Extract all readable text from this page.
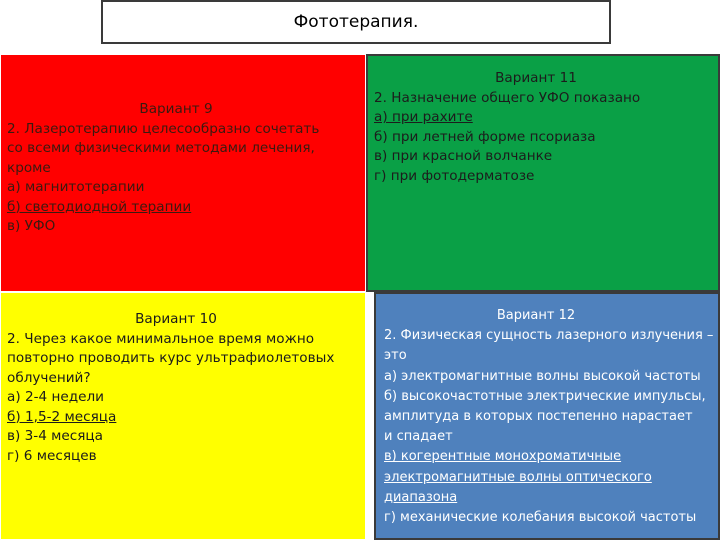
Фототерапия.
Вариант 9
2. Лазеротерапию целесообразно сочетать
со всеми физическими методами лечения,
кроме
а) магнитотерапии
б) светодиодной терапии
в) УФО
Вариант 11
2. Назначение общего УФО показано
а) при рахите
б) при летней форме псориаза
в) при красной волчанке
г) при фотодерматозе
Вариант 10
2. Через какое минимальное время можно
повторно проводить курс ультрафиолетовых
облучений?
а) 2-4 недели
б) 1,5-2 месяца
в) 3-4 месяца
г) 6 месяцев
Вариант 12
2. Физическая сущность лазерного излучения –
это
а) электромагнитные волны высокой частоты
б) высокочастотные электрические импульсы,
амплитуда в которых постепенно нарастает
и спадает
в) когерентные монохроматичные
электромагнитные волны оптического
диапазона
г) механические колебания высокой частоты
